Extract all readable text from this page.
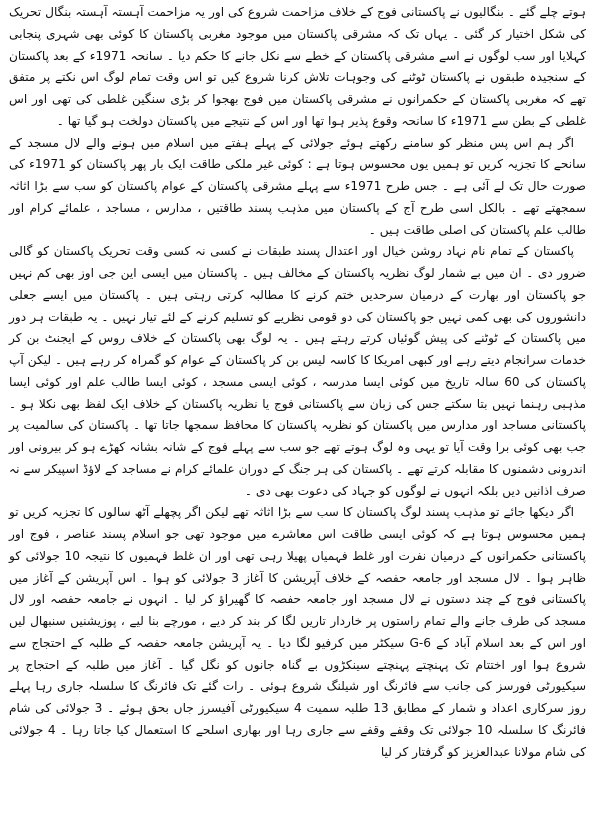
ہوتے چلے گئے ۔ بنگالیوں نے پاکستانی فوج کے خلاف مزاحمت شروع کی اور یہ مزاحمت آہستہ آہستہ بنگال تحریک کی شکل اختیار کر گئی ۔ یہاں تک کہ مشرقی پاکستان میں موجود مغربی پاکستان کا کوئی بھی شہری پنجابی کہلایا اور سب لوگوں نے اسے مشرقی پاکستان کے خطے سے نکل جانے کا حکم دیا ۔ سانحہ 1971ء کے بعد پاکستان کے سنجیدہ طبقوں نے پاکستان ٹوٹنے کی وجوہات تلاش کرنا شروع کیں تو اس وقت تمام لوگ اس نکتے پر متفق تھے کہ مغربی پاکستان کے حکمرانوں نے مشرقی پاکستان میں فوج بھجوا کر بڑی سنگین غلطی کی تھی اور اس غلطی کے بطن سے 1971ء کا سانحہ وقوع پذیر ہوا تھا اور اس کے نتیجے میں پاکستان دولخت ہو گیا تھا ۔

اگر ہم اس پس منظر کو سامنے رکھتے ہوئے جولائی کے پہلے ہفتے میں اسلام میں ہونے والے لال مسجد کے سانحے کا تجزیہ کریں تو ہمیں یوں محسوس ہوتا ہے : کوئی غیر ملکی طاقت ایک بار پھر پاکستان کو 1971ء کی صورت حال تک لے آئی ہے ۔ جس طرح 1971ء سے پہلے مشرقی پاکستان کے عوام پاکستان کو سب سے بڑا اثاثہ سمجھتے تھے ۔ بالکل اسی طرح آج کے پاکستان میں مذہب پسند طاقتیں ، مدارس ، مساجد ، علمائے کرام اور طالب علم پاکستان کی اصلی طاقت ہیں ۔

پاکستان کے تمام نام نہاد روشن خیال اور اعتدال پسند طبقات نے کسی نہ کسی وقت تحریک پاکستان کو گالی ضرور دی ۔ ان میں بے شمار لوگ نظریہ پاکستان کے مخالف ہیں ۔ پاکستان میں ایسی این جی اوز بھی کم نہیں جو پاکستان اور بھارت کے درمیان سرحدیں ختم کرنے کا مطالبہ کرتی رہتی ہیں ۔ پاکستان میں ایسے جعلی دانشوروں کی بھی کمی نہیں جو پاکستان کی دو قومی نظریے کو تسلیم کرنے کے لئے تیار نہیں ۔ یہ طبقات ہر دور میں پاکستان کے ٹوٹنے کی پیش گوئیاں کرتے رہتے ہیں ۔ یہ لوگ بھی پاکستان کے خلاف روس کے ایجنٹ بن کر خدمات سرانجام دیتے رہے اور کبھی امریکا کا کاسہ لیس بن کر پاکستان کے عوام کو گمراہ کر رہے ہیں ۔ لیکن آپ پاکستان کی 60 سالہ تاریخ میں کوئی ایسا مدرسہ ، کوئی ایسی مسجد ، کوئی ایسا طالب علم اور کوئی ایسا مذہبی رہنما نہیں بتا سکتے جس کی زبان سے پاکستانی فوج یا نظریہ پاکستان کے خلاف ایک لفظ بھی نکلا ہو ۔ پاکستانی مساجد اور مدارس میں پاکستان کو نظریہ پاکستان کا محافظ سمجھا جاتا تھا ۔ پاکستان کی سالمیت پر جب بھی کوئی برا وقت آیا تو یہی وہ لوگ ہوتے تھے جو سب سے پہلے فوج کے شانہ بشانہ کھڑے ہو کر بیرونی اور اندرونی دشمنوں کا مقابلہ کرتے تھے ۔ پاکستان کی ہر جنگ کے دوران علمائے کرام نے مساجد کے لاؤڈ اسپیکر سے نہ صرف اذانیں دیں بلکہ انہوں نے لوگوں کو جہاد کی دعوت بھی دی ۔

اگر دیکھا جائے تو مذہب پسند لوگ پاکستان کا سب سے بڑا اثاثہ تھے لیکن اگر پچھلے آٹھ سالوں کا تجزیہ کریں تو ہمیں محسوس ہوتا ہے کہ کوئی ایسی طاقت اس معاشرے میں موجود تھی جو اسلام پسند عناصر ، فوج اور پاکستانی حکمرانوں کے درمیان نفرت اور غلط فہمیاں پھیلا رہی تھی اور ان غلط فہمیوں کا نتیجہ 10 جولائی کو ظاہر ہوا ۔ لال مسجد اور جامعہ حفصہ کے خلاف آپریشن کا آغاز 3 جولائی کو ہوا ۔ اس آپریشن کے آغاز میں پاکستانی فوج کے چند دستوں نے لال مسجد اور جامعہ حفصہ کا گھیراؤ کر لیا ۔ انہوں نے جامعہ حفصہ اور لال مسجد کی طرف جانے والے تمام راستوں پر خاردار تاریں لگا کر بند کر دیے ، مورچے بنا لیے ، پوزیشنیں سنبھال لیں اور اس کے بعد اسلام آباد کے G-6 سیکٹر میں کرفیو لگا دیا ۔ یہ آپریشن جامعہ حفصہ کے طلبہ کے احتجاج سے شروع ہوا اور اختتام تک پہنچتے پہنچتے سینکڑوں بے گناہ جانوں کو نگل گیا ۔ آغاز میں طلبہ کے احتجاج پر سیکیورٹی فورسز کی جانب سے فائرنگ اور شیلنگ شروع ہوئی ۔ رات گئے تک فائرنگ کا سلسلہ جاری رہا پہلے روز سرکاری اعداد و شمار کے مطابق 13 طلبہ سمیت 4 سیکیورٹی آفیسرز جاں بحق ہوئے ۔ 3 جولائی کی شام فائرنگ کا سلسلہ 10 جولائی تک وقفے وقفے سے جاری رہا اور بھاری اسلحے کا استعمال کیا جاتا رہا ۔ 4 جولائی کی شام مولانا عبدالعزیز کو گرفتار کر لیا
